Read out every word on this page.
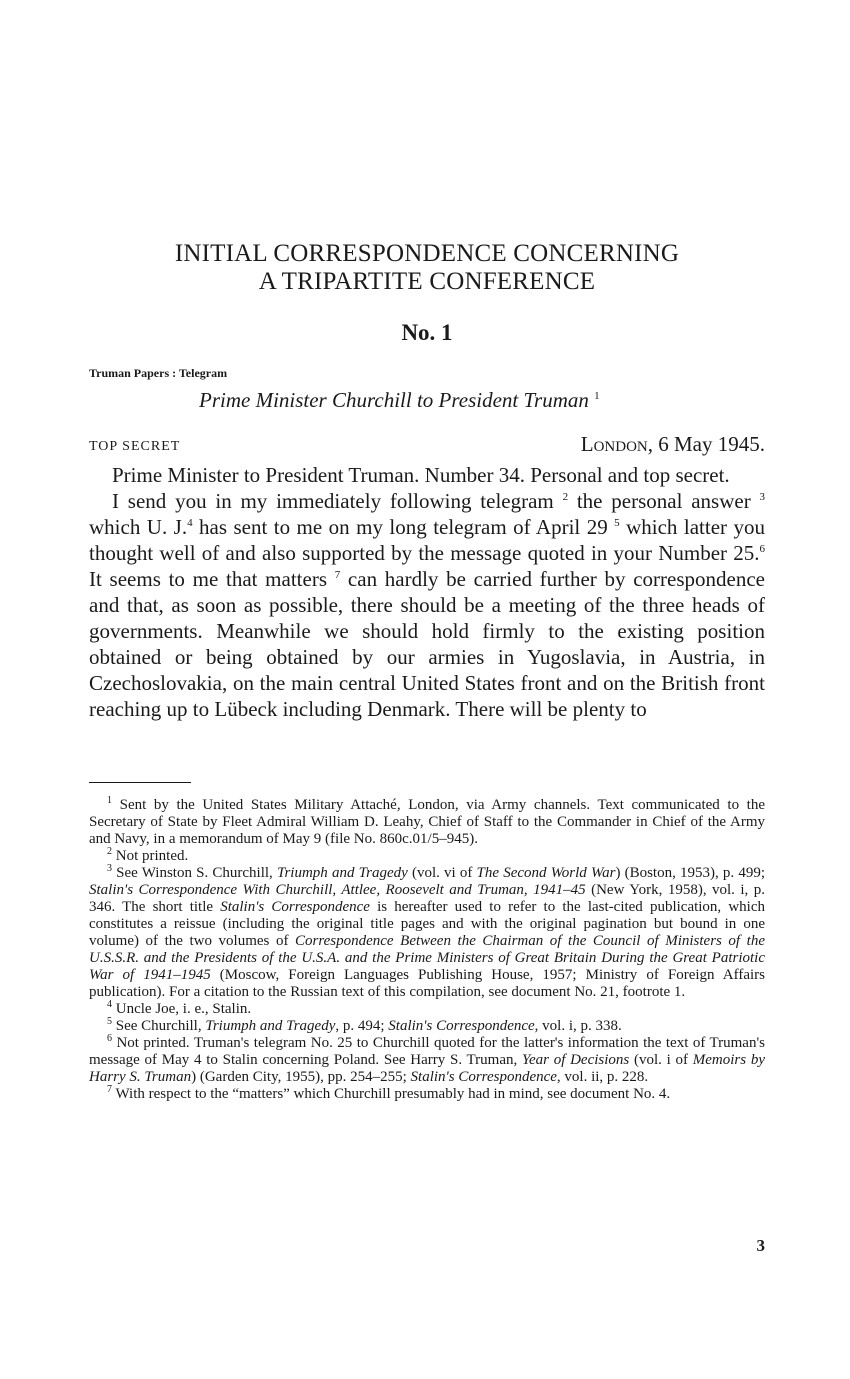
INITIAL CORRESPONDENCE CONCERNING
A TRIPARTITE CONFERENCE
No. 1
Truman Papers : Telegram
Prime Minister Churchill to President Truman $^1$
TOP SECRET	London, 6 May 1945.

Prime Minister to President Truman. Number 34. Personal and top secret.

I send you in my immediately following telegram $^2$ the personal answer $^3$ which U. J.$^4$ has sent to me on my long telegram of April 29 $^5$ which latter you thought well of and also supported by the message quoted in your Number 25.$^6$ It seems to me that matters $^7$ can hardly be carried further by correspondence and that, as soon as possible, there should be a meeting of the three heads of governments. Meanwhile we should hold firmly to the existing position obtained or being obtained by our armies in Yugoslavia, in Austria, in Czechoslovakia, on the main central United States front and on the British front reaching up to Lübeck including Denmark. There will be plenty to

$^1$ Sent by the United States Military Attaché, London, via Army channels. Text communicated to the Secretary of State by Fleet Admiral William D. Leahy, Chief of Staff to the Commander in Chief of the Army and Navy, in a memorandum of May 9 (file No. 860c.01/5–945).

$^2$ Not printed.

$^3$ See Winston S. Churchill, Triumph and Tragedy (vol. vi of The Second World War) (Boston, 1953), p. 499; Stalin's Correspondence With Churchill, Attlee, Roosevelt and Truman, 1941–45 (New York, 1958), vol. i, p. 346. The short title Stalin's Correspondence is hereafter used to refer to the last-cited publication, which constitutes a reissue (including the original title pages and with the original pagination but bound in one volume) of the two volumes of Correspondence Between the Chairman of the Council of Ministers of the U.S.S.R. and the Presidents of the U.S.A. and the Prime Ministers of Great Britain During the Great Patriotic War of 1941–1945 (Moscow, Foreign Languages Publishing House, 1957; Ministry of Foreign Affairs publication). For a citation to the Russian text of this compilation, see document No. 21, footrote 1.

$^4$ Uncle Joe, i. e., Stalin.

$^5$ See Churchill, Triumph and Tragedy, p. 494; Stalin's Correspondence, vol. i, p. 338.

$^6$ Not printed. Truman's telegram No. 25 to Churchill quoted for the latter's information the text of Truman's message of May 4 to Stalin concerning Poland. See Harry S. Truman, Year of Decisions (vol. i of Memoirs by Harry S. Truman) (Garden City, 1955), pp. 254–255; Stalin's Correspondence, vol. ii, p. 228.

$^7$ With respect to the “matters” which Churchill presumably had in mind, see document No. 4.

3
